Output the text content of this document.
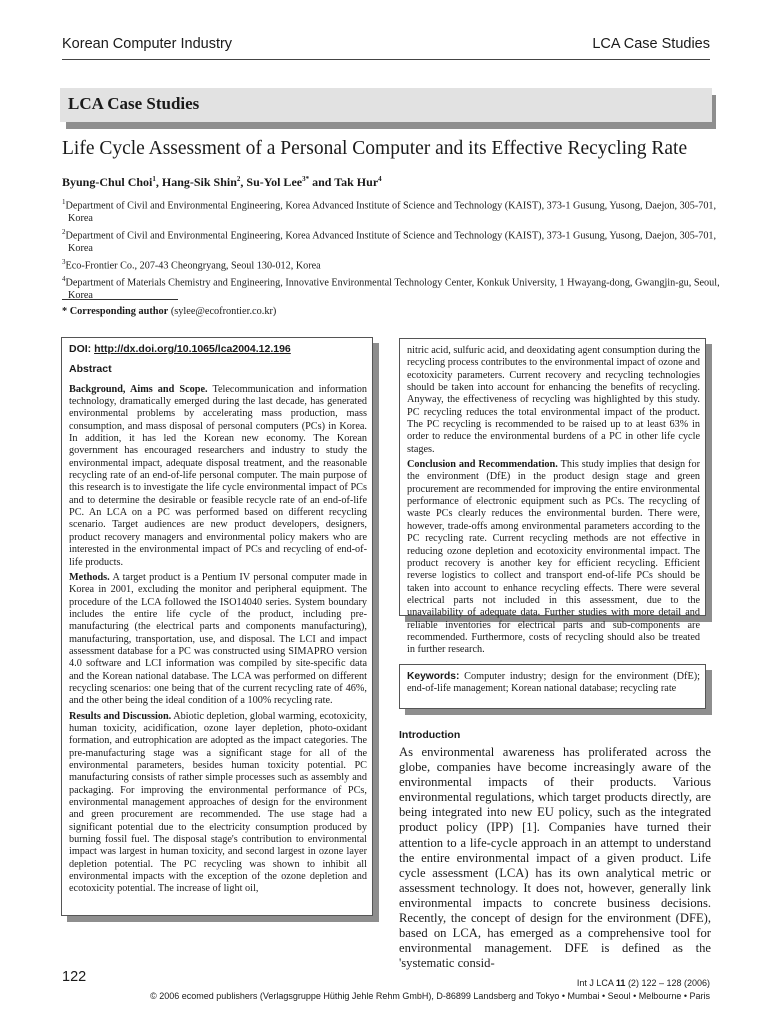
Korean Computer Industry	LCA Case Studies
LCA Case Studies
Life Cycle Assessment of a Personal Computer and its Effective Recycling Rate
Byung-Chul Choi$^1$, Hang-Sik Shin$^2$, Su-Yol Lee$^{3*}$ and Tak Hur$^4$
$^1$Department of Civil and Environmental Engineering, Korea Advanced Institute of Science and Technology (KAIST), 373-1 Gusung, Yusong, Daejon, 305-701, Korea
$^2$Department of Civil and Environmental Engineering, Korea Advanced Institute of Science and Technology (KAIST), 373-1 Gusung, Yusong, Daejon, 305-701, Korea
$^3$Eco-Frontier Co., 207-43 Cheongryang, Seoul 130-012, Korea
$^4$Department of Materials Chemistry and Engineering, Innovative Environmental Technology Center, Konkuk University, 1 Hwayang-dong, Gwangjin-gu, Seoul, Korea
* Corresponding author (sylee@ecofrontier.co.kr)

DOI: http://dx.doi.org/10.1065/lca2004.12.196

Abstract

Background, Aims and Scope. Telecommunication and information technology, dramatically emerged during the last decade, has generated environmental problems by accelerating mass production, mass consumption, and mass disposal of personal computers (PCs) in Korea. In addition, it has led the Korean new economy. The Korean government has encouraged researchers and industry to study the environmental impact, adequate disposal treatment, and the reasonable recycling rate of an end-of-life personal computer. The main purpose of this research is to investigate the life cycle environmental impact of PCs and to determine the desirable or feasible recycle rate of an end-of-life PC. An LCA on a PC was performed based on different recycling scenario. Target audiences are new product developers, designers, product recovery managers and environmental policy makers who are interested in the environmental impact of PCs and recycling of end-of-life products.

Methods. A target product is a Pentium IV personal computer made in Korea in 2001, excluding the monitor and peripheral equipment. The procedure of the LCA followed the ISO14040 series. System boundary includes the entire life cycle of the product, including pre-manufacturing (the electrical parts and components manufacturing), manufacturing, transportation, use, and disposal. The LCI and impact assessment database for a PC was constructed using SIMAPRO version 4.0 software and LCI information was compiled by site-specific data and the Korean national database. The LCA was performed on different recycling scenarios: one being that of the current recycling rate of 46%, and the other being the ideal condition of a 100% recycling rate.

Results and Discussion. Abiotic depletion, global warming, ecotoxicity, human toxicity, acidification, ozone layer depletion, photo-oxidant formation, and eutrophication are adopted as the impact categories. The pre-manufacturing stage was a significant stage for all of the environmental parameters, besides human toxicity potential. PC manufacturing consists of rather simple processes such as assembly and packaging. For improving the environmental performance of PCs, environmental management approaches of design for the environment and green procurement are recommended. The use stage had a significant potential due to the electricity consumption produced by burning fossil fuel. The disposal stage's contribution to environmental impact was largest in human toxicity, and second largest in ozone layer depletion potential. The PC recycling was shown to inhibit all environmental impacts with the exception of the ozone depletion and ecotoxicity potential. The increase of light oil,

nitric acid, sulfuric acid, and deoxidating agent consumption during the recycling process contributes to the environmental impact of ozone and ecotoxicity parameters. Current recovery and recycling technologies should be taken into account for enhancing the benefits of recycling. Anyway, the effectiveness of recycling was highlighted by this study. PC recycling reduces the total environmental impact of the product. The PC recycling is recommended to be raised up to at least 63% in order to reduce the environmental burdens of a PC in other life cycle stages.

Conclusion and Recommendation. This study implies that design for the environment (DfE) in the product design stage and green procurement are recommended for improving the entire environmental performance of electronic equipment such as PCs. The recycling of waste PCs clearly reduces the environmental burden. There were, however, trade-offs among environmental parameters according to the PC recycling rate. Current recycling methods are not effective in reducing ozone depletion and ecotoxicity environmental impact. The product recovery is another key for efficient recycling. Efficient reverse logistics to collect and transport end-of-life PCs should be taken into account to enhance recycling effects. There were several electrical parts not included in this assessment, due to the unavailability of adequate data. Further studies with more detail and reliable inventories for electrical parts and sub-components are recommended. Furthermore, costs of recycling should also be treated in further research.

Keywords: Computer industry; design for the environment (DfE); end-of-life management; Korean national database; recycling rate
Introduction

As environmental awareness has proliferated across the globe, companies have become increasingly aware of the environmental impacts of their products. Various environmental regulations, which target products directly, are being integrated into new EU policy, such as the integrated product policy (IPP) [1]. Companies have turned their attention to a life-cycle approach in an attempt to understand the entire environmental impact of a given product. Life cycle assessment (LCA) has its own analytical metric or assessment technology. It does not, however, generally link environmental impacts to concrete business decisions. Recently, the concept of design for the environment (DFE), based on LCA, has emerged as a comprehensive tool for environmental management. DFE is defined as the 'systematic consid-

122	Int J LCA 11 (2) 122 – 128 (2006)
© 2006 ecomed publishers (Verlagsgruppe Hüthig Jehle Rehm GmbH), D-86899 Landsberg and Tokyo • Mumbai • Seoul • Melbourne • Paris
